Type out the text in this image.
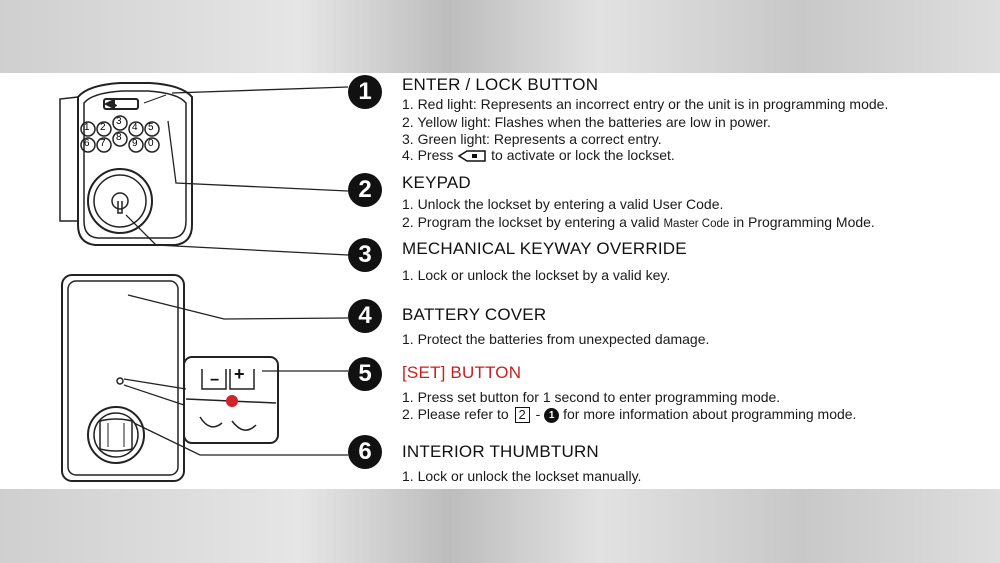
⬩
− +
1 2
3
4 5
6 7
8
9 0
1	ENTER / LOCK BUTTON
1. Red light: Represents an incorrect entry or the unit is in programming mode.
2. Yellow light: Flashes when the batteries are low in power.
3. Green light: Represents a correct entry.
4. Press	to activate or lock the lockset.
2	KEYPAD
1. Unlock the lockset by entering a valid User Code.
2. Program the lockset by entering a valid Master Code in Programming Mode.
3	MECHANICAL KEYWAY OVERRIDE
1. Lock or unlock the lockset by a valid key.
4	BATTERY COVER
1. Protect the batteries from unexpected damage.
5	[SET] BUTTON
1. Press set button for 1 second to enter programming mode.
2. Please refer to 2 - 1 for more information about programming mode.
6	INTERIOR THUMBTURN
1. Lock or unlock the lockset manually.
